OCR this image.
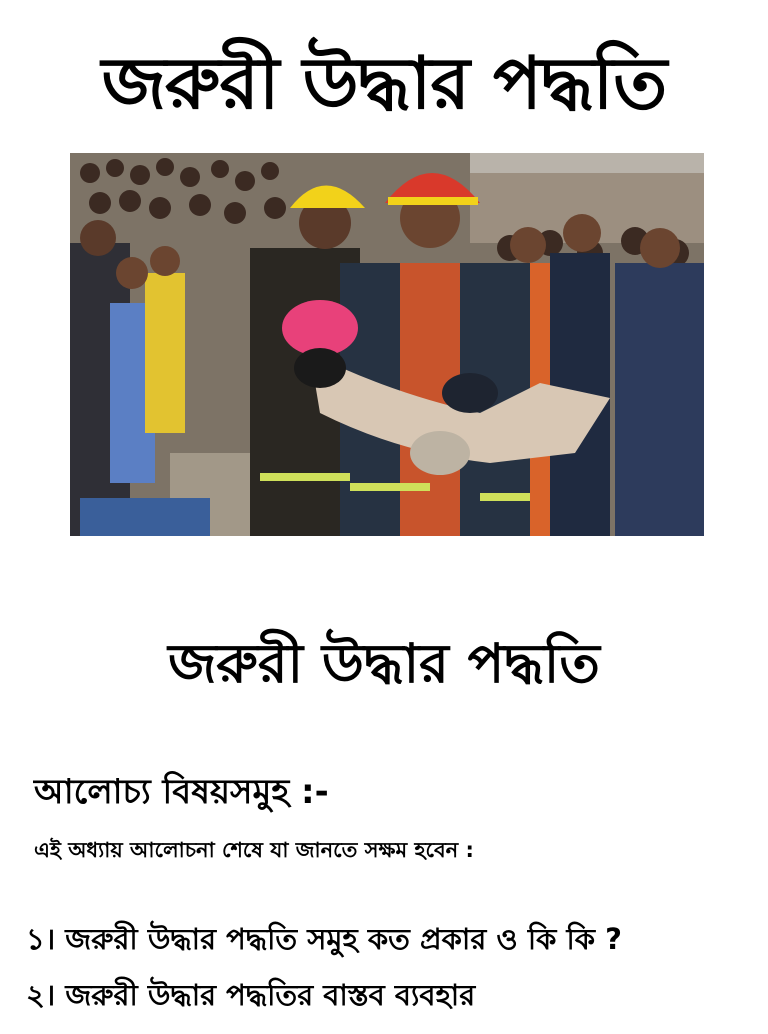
জরুরী উদ্ধার পদ্ধতি
জরুরী উদ্ধার পদ্ধতি
আলোচ্য বিষয়সমুহ :-
এই অধ্যায় আলোচনা শেষে যা জানতে সক্ষম হবেন :
১। জরুরী উদ্ধার পদ্ধতি সমুহ কত প্রকার ও কি কি ?
২। জরুরী উদ্ধার পদ্ধতির বাস্তব ব্যবহার
